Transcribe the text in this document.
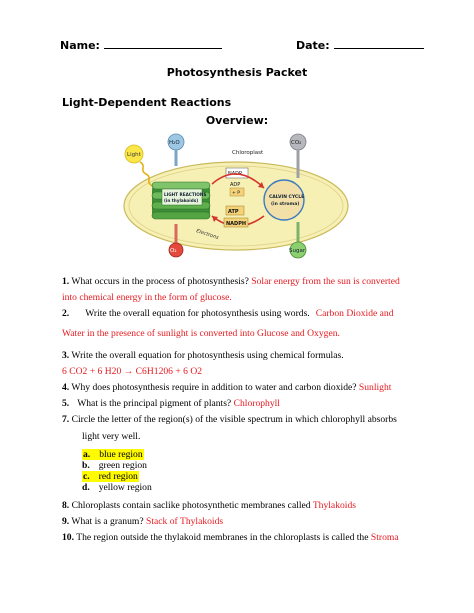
Name:	Date:
Photosynthesis Packet
Light-Dependent Reactions
Overview:
Chloroplast
H₂O	CO₂
Light
LIGHT REACTIONS
(in thylakoids)
NADP
ADP
+ P
ATP
NADPH
Electrons
CALVIN CYCLE
(in stroma)
O₂	Sugar
1. What occurs in the process of photosynthesis? Solar energy from the sun is converted
into chemical energy in the form of glucose.
2. Write the overall equation for photosynthesis using words. Carbon Dioxide and
Water in the presence of sunlight is converted into Glucose and Oxygen.
3. Write the overall equation for photosynthesis using chemical formulas.
6 CO2 + 6 H20 → C6H1206 + 6 O2
4. Why does photosynthesis require in addition to water and carbon dioxide? Sunlight
5. What is the principal pigment of plants? Chlorophyll
7. Circle the letter of the region(s) of the visible spectrum in which chlorophyll absorbs
light very well.
a. blue region
b. green region
c. red region
d. yellow region
8. Chloroplasts contain saclike photosynthetic membranes called Thylakoids
9. What is a granum? Stack of Thylakoids
10. The region outside the thylakoid membranes in the chloroplasts is called the Stroma
